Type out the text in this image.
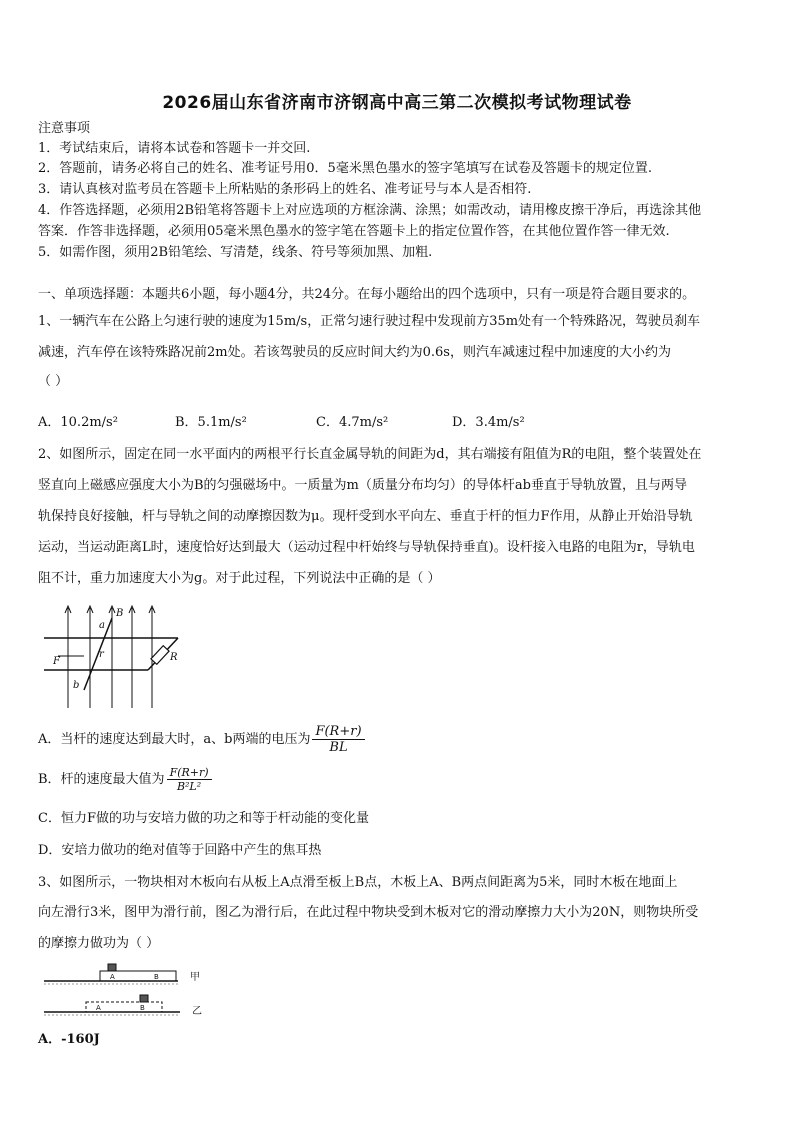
2026届山东省济南市济钢高中高三第二次模拟考试物理试卷
注意事项
1．考试结束后，请将本试卷和答题卡一并交回.
2．答题前，请务必将自己的姓名、准考证号用0．5毫米黑色墨水的签字笔填写在试卷及答题卡的规定位置.
3．请认真核对监考员在答题卡上所粘贴的条形码上的姓名、准考证号与本人是否相符.
4．作答选择题，必须用2B铅笔将答题卡上对应选项的方框涂满、涂黑；如需改动，请用橡皮擦干净后，再选涂其他
答案．作答非选择题，必须用05毫米黑色墨水的签字笔在答题卡上的指定位置作答，在其他位置作答一律无效.
5．如需作图，须用2B铅笔绘、写清楚，线条、符号等须加黑、加粗.
一、单项选择题：本题共6小题，每小题4分，共24分。在每小题给出的四个选项中，只有一项是符合题目要求的。
1、一辆汽车在公路上匀速行驶的速度为15m/s，正常匀速行驶过程中发现前方35m处有一个特殊路况，驾驶员刹车
减速，汽车停在该特殊路况前2m处。若该驾驶员的反应时间大约为0.6s，则汽车减速过程中加速度的大小约为
（ ）
A．10.2m/s²	B．5.1m/s²	C．4.7m/s²	D．3.4m/s²
2、如图所示，固定在同一水平面内的两根平行长直金属导轨的间距为d，其右端接有阻值为R的电阻，整个装置处在
竖直向上磁感应强度大小为B的匀强磁场中。一质量为m（质量分布均匀）的导体杆ab垂直于导轨放置，且与两导
轨保持良好接触，杆与导轨之间的动摩擦因数为μ。现杆受到水平向左、垂直于杆的恒力F作用，从静止开始沿导轨
运动，当运动距离L时，速度恰好达到最大（运动过程中杆始终与导轨保持垂直)。设杆接入电路的电阻为r，导轨电
阻不计，重力加速度大小为g。对于此过程，下列说法中正确的是（ ）
B
a
F
r
b
R
A．当杆的速度达到最大时，a、b两端的电压为 $\frac{F(R+r)}{BL}$
B．杆的速度最大值为 $\frac{F(R+r)}{\text{B²L²}}$
C．恒力F做的功与安培力做的功之和等于杆动能的变化量
D．安培力做功的绝对值等于回路中产生的焦耳热
3、如图所示，一物块相对木板向右从板上A点滑至板上B点，木板上A、B两点间距离为5米，同时木板在地面上
向左滑行3米，图甲为滑行前，图乙为滑行后，在此过程中物块受到木板对它的滑动摩擦力大小为20N，则物块所受
的摩擦力做功为（ ）
A	B
A	B
甲
乙
A．-160J
